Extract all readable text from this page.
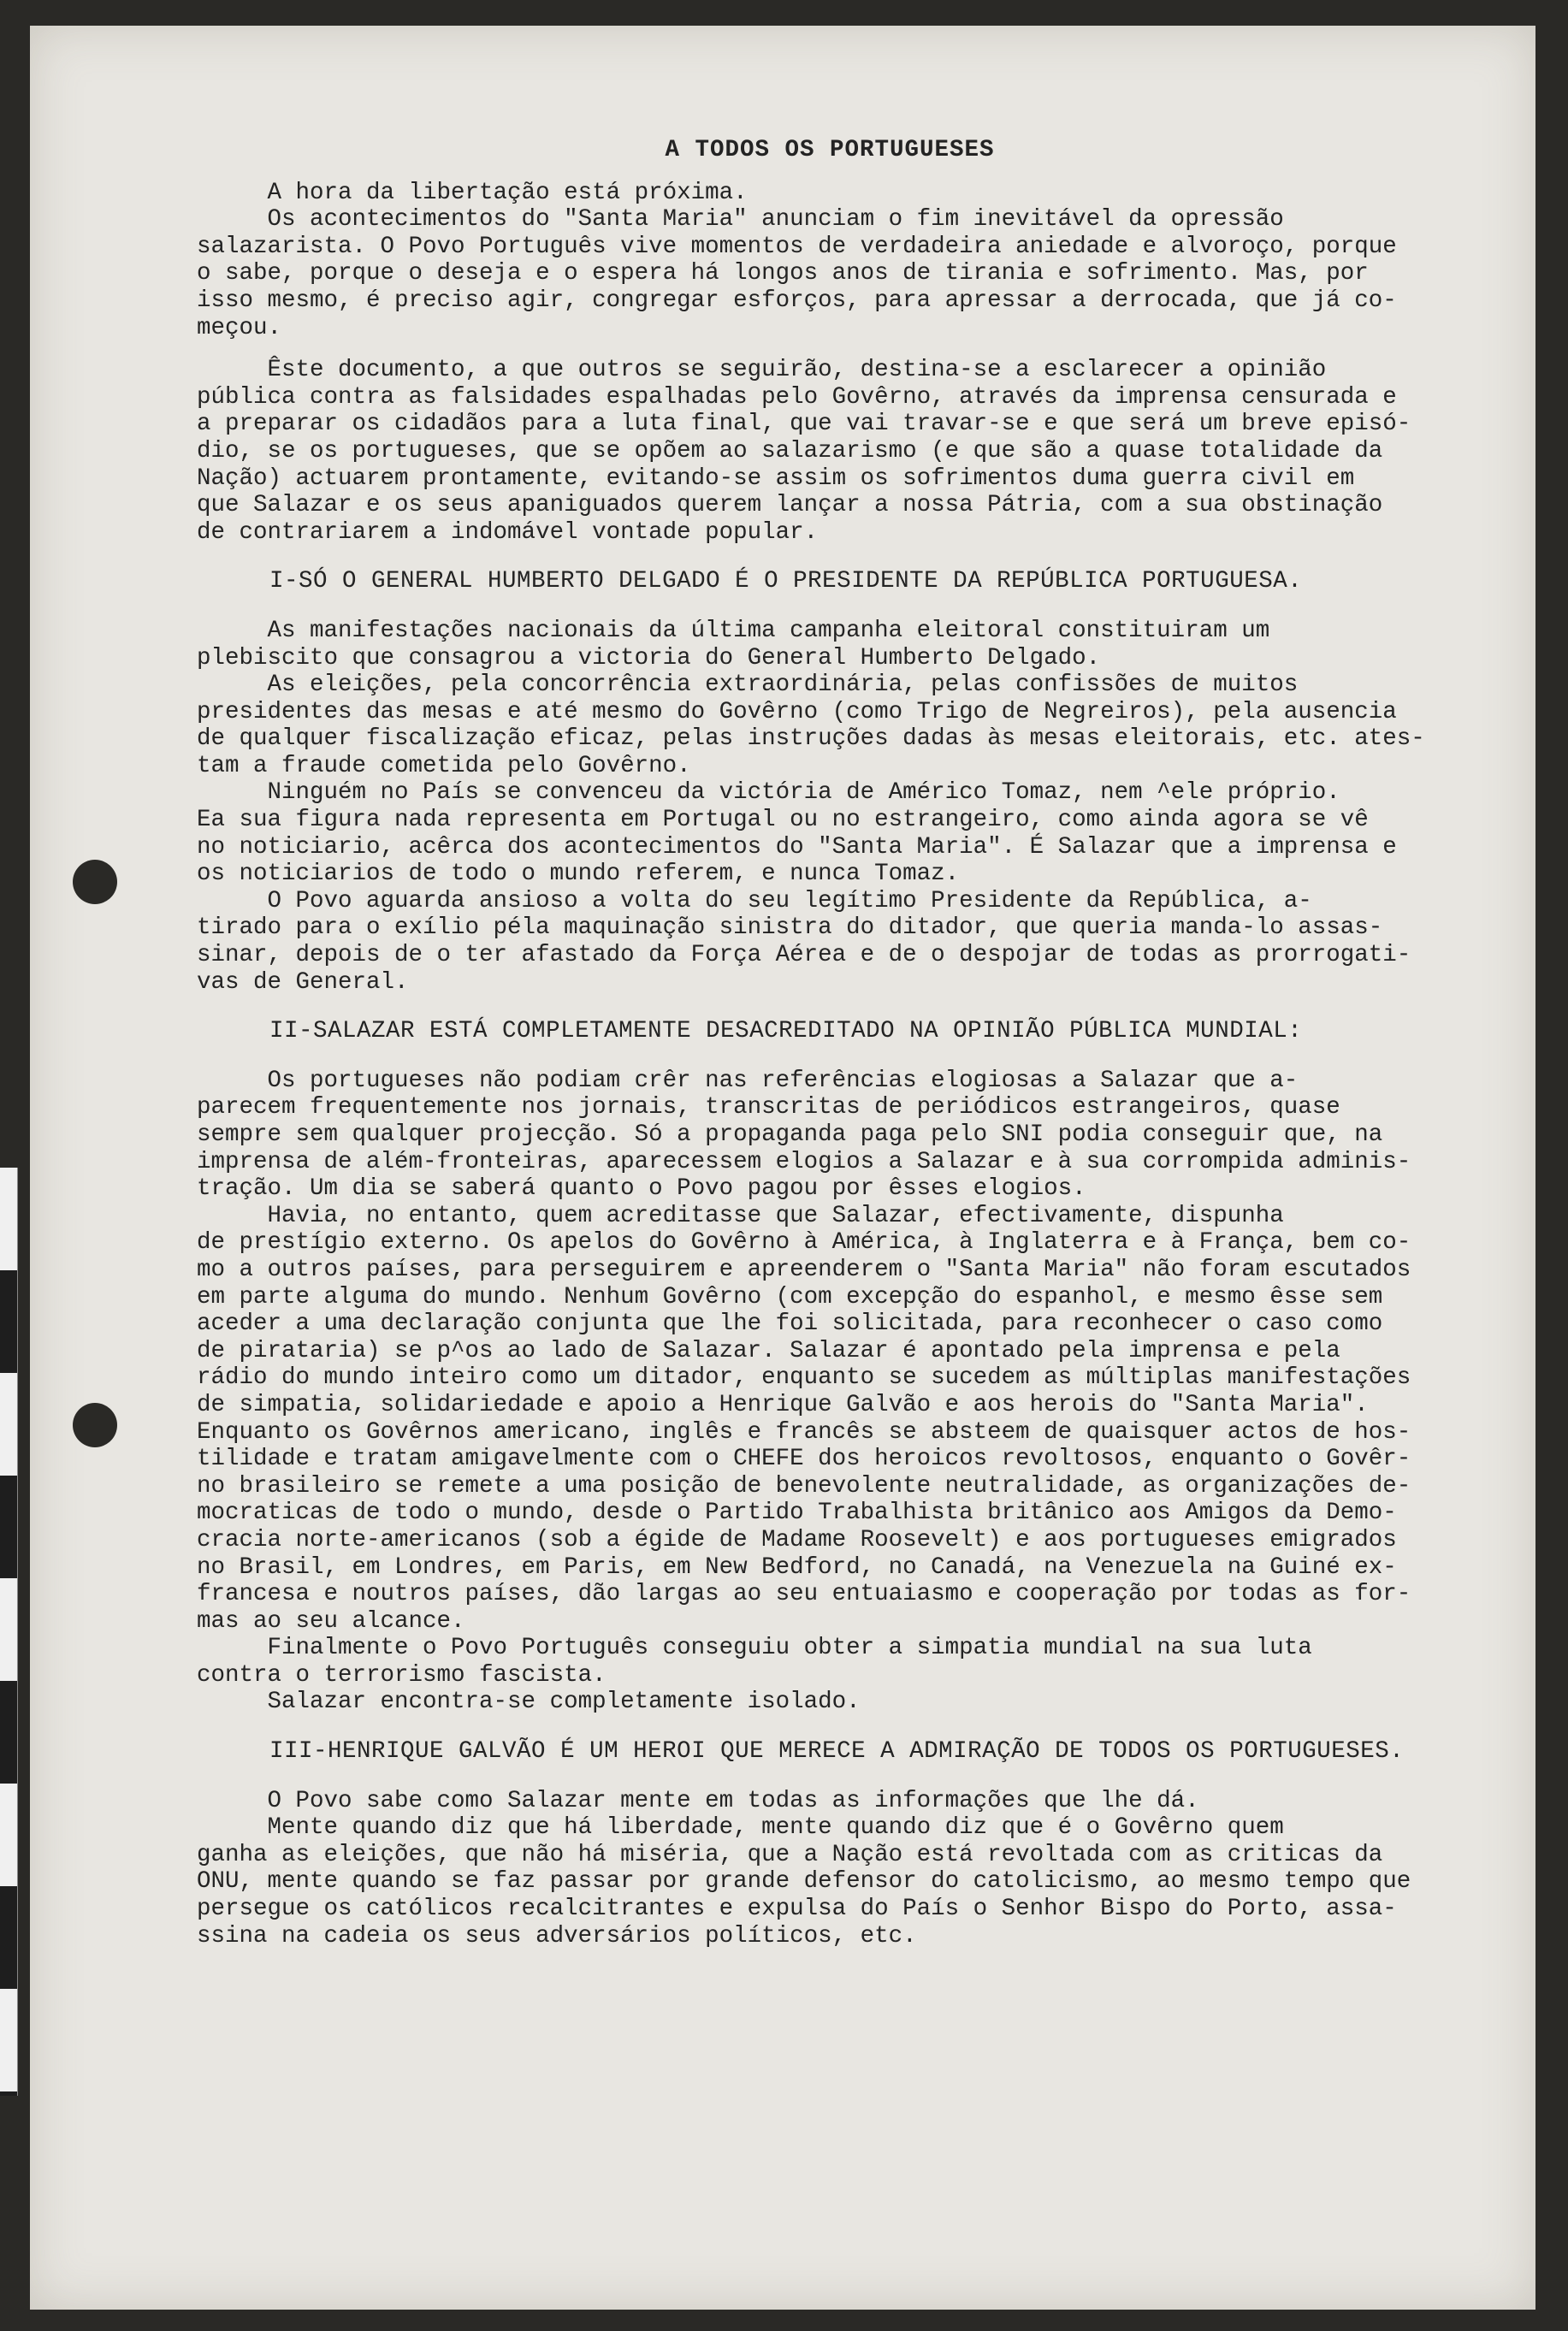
A TODOS OS PORTUGUESES

A hora da libertação está próxima.

Os acontecimentos do "Santa Maria" anunciam o fim inevitável da opressão

salazarista. O Povo Português vive momentos de verdadeira aniedade e alvoroço, porque

o sabe, porque o deseja e o espera há longos anos de tirania e sofrimento. Mas, por

isso mesmo, é preciso agir, congregar esforços, para apressar a derrocada, que já co-

meçou.

Êste documento, a que outros se seguirão, destina-se a esclarecer a opinião

pública contra as falsidades espalhadas pelo Govêrno, através da imprensa censurada e

a preparar os cidadãos para a luta final, que vai travar-se e que será um breve episó-

dio, se os portugueses, que se opõem ao salazarismo (e que são a quase totalidade da

Nação) actuarem prontamente, evitando-se assim os sofrimentos duma guerra civil em

que Salazar e os seus apaniguados querem lançar a nossa Pátria, com a sua obstinação

de contrariarem a indomável vontade popular.

I-SÓ O GENERAL HUMBERTO DELGADO É O PRESIDENTE DA REPÚBLICA PORTUGUESA.

As manifestações nacionais da última campanha eleitoral constituiram um

plebiscito que consagrou a victoria do General Humberto Delgado.

As eleições, pela concorrência extraordinária, pelas confissões de muitos

presidentes das mesas e até mesmo do Govêrno (como Trigo de Negreiros), pela ausencia

de qualquer fiscalização eficaz, pelas instruções dadas às mesas eleitorais, etc. ates-

tam a fraude cometida pelo Govêrno.

Ninguém no País se convenceu da victória de Américo Tomaz, nem ^ele próprio.

Ea sua figura nada representa em Portugal ou no estrangeiro, como ainda agora se vê

no noticiario, acêrca dos acontecimentos do "Santa Maria". É Salazar que a imprensa e

os noticiarios de todo o mundo referem, e nunca Tomaz.

O Povo aguarda ansioso a volta do seu legítimo Presidente da República, a-

tirado para o exílio péla maquinação sinistra do ditador, que queria manda-lo assas-

sinar, depois de o ter afastado da Força Aérea e de o despojar de todas as prorrogati-

vas de General.

II-SALAZAR ESTÁ COMPLETAMENTE DESACREDITADO NA OPINIÃO PÚBLICA MUNDIAL:

Os portugueses não podiam crêr nas referências elogiosas a Salazar que a-

parecem frequentemente nos jornais, transcritas de periódicos estrangeiros, quase

sempre sem qualquer projecção. Só a propaganda paga pelo SNI podia conseguir que, na

imprensa de além-fronteiras, aparecessem elogios a Salazar e à sua corrompida adminis-

tração. Um dia se saberá quanto o Povo pagou por êsses elogios.

Havia, no entanto, quem acreditasse que Salazar, efectivamente, dispunha

de prestígio externo. Os apelos do Govêrno à América, à Inglaterra e à França, bem co-

mo a outros países, para perseguirem e apreenderem o "Santa Maria" não foram escutados

em parte alguma do mundo. Nenhum Govêrno (com excepção do espanhol, e mesmo êsse sem

aceder a uma declaração conjunta que lhe foi solicitada, para reconhecer o caso como

de pirataria) se p^os ao lado de Salazar. Salazar é apontado pela imprensa e pela

rádio do mundo inteiro como um ditador, enquanto se sucedem as múltiplas manifestações

de simpatia, solidariedade e apoio a Henrique Galvão e aos herois do "Santa Maria".

Enquanto os Govêrnos americano, inglês e francês se absteem de quaisquer actos de hos-

tilidade e tratam amigavelmente com o CHEFE dos heroicos revoltosos, enquanto o Govêr-

no brasileiro se remete a uma posição de benevolente neutralidade, as organizações de-

mocraticas de todo o mundo, desde o Partido Trabalhista britânico aos Amigos da Demo-

cracia norte-americanos (sob a égide de Madame Roosevelt) e aos portugueses emigrados

no Brasil, em Londres, em Paris, em New Bedford, no Canadá, na Venezuela na Guiné ex-

francesa e noutros países, dão largas ao seu entuaiasmo e cooperação por todas as for-

mas ao seu alcance.

Finalmente o Povo Português conseguiu obter a simpatia mundial na sua luta

contra o terrorismo fascista.

Salazar encontra-se completamente isolado.

III-HENRIQUE GALVÃO É UM HEROI QUE MERECE A ADMIRAÇÃO DE TODOS OS PORTUGUESES.

O Povo sabe como Salazar mente em todas as informações que lhe dá.

Mente quando diz que há liberdade, mente quando diz que é o Govêrno quem

ganha as eleições, que não há miséria, que a Nação está revoltada com as criticas da

ONU, mente quando se faz passar por grande defensor do catolicismo, ao mesmo tempo que

persegue os católicos recalcitrantes e expulsa do País o Senhor Bispo do Porto, assa-

ssina na cadeia os seus adversários políticos, etc.
